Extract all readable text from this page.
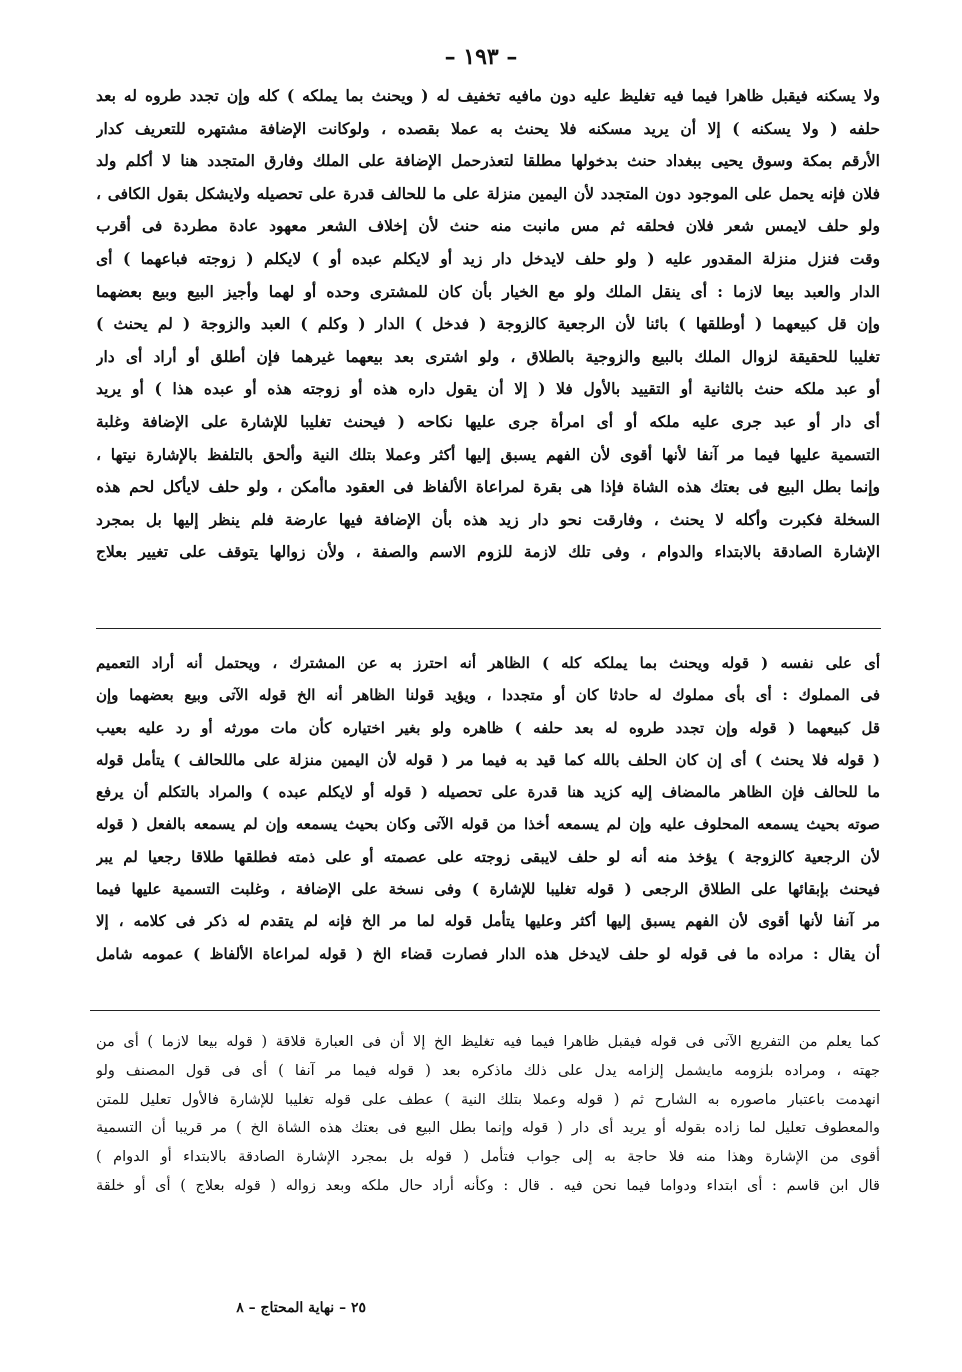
– ١٩٣ –
ولا يسكنه فيقبل ظاهرا فيما فيه تغليظ عليه دون مافيه تخفيف له ( ويحنث بما يملكه ) كله وإن تجدد طروه له بعد
حلفه ( ولا يسكنه ) إلا أن يريد مسكنه فلا يحنث به عملا بقصده ، ولوكانت الإضافة مشتهره للتعريف كدار
الأرقم بمكة وسوق يحيى ببغداد حنث بدخولها مطلقا لتعذرحمل الإضافة على الملك وفارق المتجدد هنا لا أكلم ولد
فلان فإنه يحمل على الموجود دون المتجدد لأن اليمين منزلة على ما للحالف قدرة على تحصيله ولايشكل بقول الكافى ،
ولو حلف لايمس شعر فلان فحلقه ثم مس مانبت منه حنث لأن إخلاف الشعر معهود عادة مطردة فى أقرب
وقت فنزل منزلة المقدور عليه ( ولو حلف لايدخل دار زيد أو لايكلم عبده أو ) لايكلم ( زوجته فباعهما ) أى
الدار والعبد بيعا لازما : أى ينقل الملك ولو مع الخيار بأن كان للمشترى وحده أو لهما وأجيز البيع وبيع بعضهما
وإن قل كبيعهما ( أوطلقها ) بائنا لأن الرجعية كالزوجة ( فدخل ) الدار ( وكلم ) العبد والزوجة ( لم يحنث )
تغليبا للحقيقة لزوال الملك بالبيع والزوجية بالطلاق ، ولو اشترى بعد بيعهما غيرهما فإن أطلق أو أراد أى دار
أو عبد ملكه حنث بالثانية أو التقييد بالأول فلا ( إلا أن يقول داره هذه أو زوجته هذه أو عبده هذا ) أو يريد
أى دار أو عبد جرى عليه ملكه أو أى امرأة جرى عليها نكاحه ( فيحنث تغليبا للإشارة على الإضافة وغلبة
التسمية عليها فيما مر آنفا لأنها أقوى لأن الفهم يسبق إليها أكثر وعملا بتلك النية وألحق بالتلفظ بالإشارة نيتها ،
وإنما بطل البيع فى بعتك هذه الشاة فإذا هى بقرة لمراعاة الألفاظ فى العقود ماأمكن ، ولو حلف لايأكل لحم هذه
السخلة فكبرت وأكله لا يحنث ، وفارقت نحو دار زيد هذه بأن الإضافة فيها عارضة فلم ينظر إليها بل بمجرد
الإشارة الصادقة بالابتداء والدوام ، وفى تلك لازمة للزوم الاسم والصفة ، ولأن زوالها يتوقف على تغيير بعلاج
أى على نفسه ( قوله ويحنث بما يملكه كله ) الظاهر أنه احترز به عن المشترك ، ويحتمل أنه أراد التعميم
فى المملوك : أى بأى مملوك له حادثا كان أو متجددا ، ويؤيد قولنا الظاهر أنه الخ قوله الآتى وبيع بعضهما وإن
قل كبيعهما ( قوله وإن تجدد طروه له بعد حلفه ) ظاهره ولو بغير اختياره كأن مات مورثه أو رد عليه بعيب
( قوله فلا يحنث ) أى إن كان الحلف بالله كما قيد به فيما مر ( قوله لأن اليمين منزلة على ماللحالف ) يتأمل قوله
ما للحالف فإن الظاهر مالمضاف إليه كزيد هنا قدرة على تحصيله ( قوله أو لايكلم عبده ) والمراد بالتكلم أن يرفع
صوته بحيث يسمعه المحلوف عليه وإن لم يسمعه أخذا من قوله الآتى وكان بحيث يسمعه وإن لم يسمعه بالفعل ( قوله
لأن الرجعية كالزوجة ) يؤخذ منه أنه لو حلف لايبقى زوجته على عصمته أو على ذمته فطلقها طلاقا رجعيا لم يبر
فيحنث بإبقائها على الطلاق الرجعى ( قوله تغليبا للإشارة ) وفى نسخة على الإضافة ، وغلبت التسمية عليها فيما
مر آنفا لأنها أقوى لأن الفهم يسبق إليها أكثر وعليها يتأمل قوله لما مر الخ فإنه لم يتقدم له ذكر فى كلامه ، إلا
أن يقال : مراده ما فى قوله لو حلف لايدخل هذه الدار فصارت قضاء الخ ( قوله لمراعاة الألفاظ ) عمومه شامل
كما يعلم من التفريع الآتى فى قوله فيقبل ظاهرا فيما فيه تغليظ الخ إلا أن فى العبارة قلاقة ( قوله بيعا لازما ) أى من
جهته ، ومراده بلزومه مايشمل إلزامه يدل على ذلك ماذكره بعد ( قوله فيما مر آنفا ) أى فى قول المصنف ولو
انهدمت باعتبار ماصوره به الشارح ثم ( قوله وعملا بتلك النية ) عطف على قوله تغليبا للإشارة فالأول تعليل للمتن
والمعطوف تعليل لما زاده بقوله أو يريد أى دار ( قوله وإنما بطل البيع فى بعتك هذه الشاة الخ ) مر قريبا أن التسمية
أقوى من الإشارة وهذا منه فلا حاجة به إلى جواب فتأمل ( قوله بل بمجرد الإشارة الصادقة بالابتداء أو الدوام )
قال ابن قاسم : أى ابتداء ودواما فيما نحن فيه . قال : وكأنه أراد حال ملكه وبعد زواله ( قوله بعلاج ) أى أو خلقة
٢٥ – نهاية المحتاج – ٨
